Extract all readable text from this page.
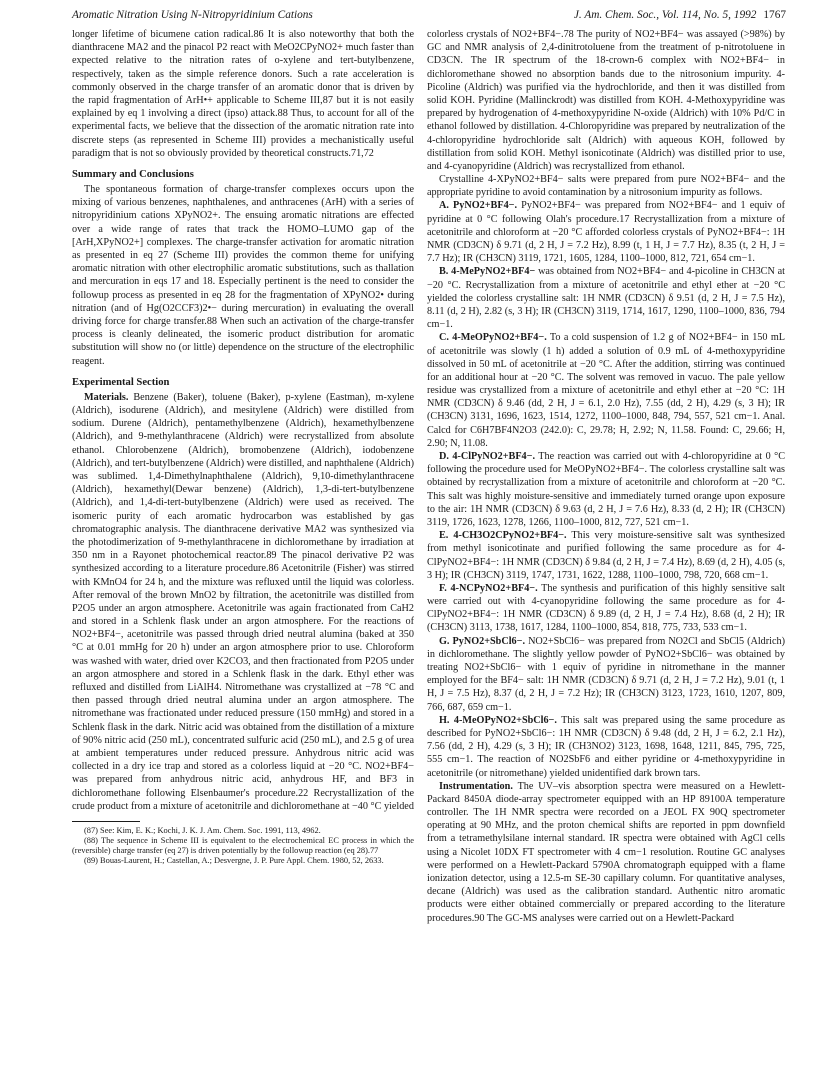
Aromatic Nitration Using N-Nitropyridinium Cations	J. Am. Chem. Soc., Vol. 114, No. 5, 1992 1767

longer lifetime of bicumene cation radical.86 It is also noteworthy that both the dianthracene MA2 and the pinacol P2 react with MeO2CPyNO2+ much faster than expected relative to the nitration rates of o-xylene and tert-butylbenzene, respectively, taken as the simple reference donors. Such a rate acceleration is commonly observed in the charge transfer of an aromatic donor that is driven by the rapid fragmentation of ArH•+ applicable to Scheme III,87 but it is not easily explained by eq 1 involving a direct (ipso) attack.88 Thus, to account for all of the experimental facts, we believe that the dissection of the aromatic nitration rate into discrete steps (as represented in Scheme III) provides a mechanistically useful paradigm that is not so obviously provided by theoretical constructs.71,72

Summary and Conclusions

The spontaneous formation of charge-transfer complexes occurs upon the mixing of various benzenes, naphthalenes, and anthracenes (ArH) with a series of nitropyridinium cations XPyNO2+. The ensuing aromatic nitrations are effected over a wide range of rates that track the HOMO–LUMO gap of the [ArH,XPyNO2+] complexes. The charge-transfer activation for aromatic nitration as presented in eq 27 (Scheme III) provides the common theme for unifying aromatic nitration with other electrophilic aromatic substitutions, such as thallation and mercuration in eqs 17 and 18. Especially pertinent is the need to consider the followup process as presented in eq 28 for the fragmentation of XPyNO2• during nitration (and of Hg(O2CCF3)2•− during mercuration) in evaluating the overall driving force for charge transfer.88 When such an activation of the charge-transfer process is cleanly delineated, the isomeric product distribution for aromatic substitution will show no (or little) dependence on the structure of the electrophilic reagent.

Experimental Section

Materials. Benzene (Baker), toluene (Baker), p-xylene (Eastman), m-xylene (Aldrich), isodurene (Aldrich), and mesitylene (Aldrich) were distilled from sodium. Durene (Aldrich), pentamethylbenzene (Aldrich), hexamethylbenzene (Aldrich), and 9-methylanthracene (Aldrich) were recrystallized from absolute ethanol. Chlorobenzene (Aldrich), bromobenzene (Aldrich), iodobenzene (Aldrich), and tert-butylbenzene (Aldrich) were distilled, and naphthalene (Aldrich) was sublimed. 1,4-Dimethylnaphthalene (Aldrich), 9,10-dimethylanthracene (Aldrich), hexamethyl(Dewar benzene) (Aldrich), 1,3-di-tert-butylbenzene (Aldrich), and 1,4-di-tert-butylbenzene (Aldrich) were used as received. The isomeric purity of each aromatic hydrocarbon was established by gas chromatographic analysis. The dianthracene derivative MA2 was synthesized via the photodimerization of 9-methylanthracene in dichloromethane by irradiation at 350 nm in a Rayonet photochemical reactor.89 The pinacol derivative P2 was synthesized according to a literature procedure.86 Acetonitrile (Fisher) was stirred with KMnO4 for 24 h, and the mixture was refluxed until the liquid was colorless. After removal of the brown MnO2 by filtration, the acetonitrile was distilled from P2O5 under an argon atmosphere. Acetonitrile was again fractionated from CaH2 and stored in a Schlenk flask under an argon atmosphere. For the reactions of NO2+BF4−, acetonitrile was passed through dried neutral alumina (baked at 350 °C at 0.01 mmHg for 20 h) under an argon atmosphere prior to use. Chloroform was washed with water, dried over K2CO3, and then fractionated from P2O5 under an argon atmosphere and stored in a Schlenk flask in the dark. Ethyl ether was refluxed and distilled from LiAlH4. Nitromethane was crystallized at −78 °C and then passed through dried neutral alumina under an argon atmosphere. The nitromethane was fractionated under reduced pressure (150 mmHg) and stored in a Schlenk flask in the dark. Nitric acid was obtained from the distillation of a mixture of 90% nitric acid (250 mL), concentrated sulfuric acid (250 mL), and 2.5 g of urea at ambient temperatures under reduced pressure. Anhydrous nitric acid was collected in a dry ice trap and stored as a colorless liquid at −20 °C. NO2+BF4− was prepared from anhydrous nitric acid, anhydrous HF, and BF3 in dichloromethane following Elsenbaumer's procedure.22 Recrystallization of the crude product from a mixture of acetonitrile and dichloromethane at −40 °C yielded

(87) See: Kim, E. K.; Kochi, J. K. J. Am. Chem. Soc. 1991, 113, 4962.

(88) The sequence in Scheme III is equivalent to the electrochemical EC process in which the (reversible) charge transfer (eq 27) is driven potentially by the followup reaction (eq 28).77

(89) Bouas-Laurent, H.; Castellan, A.; Desvergne, J. P. Pure Appl. Chem. 1980, 52, 2633.

colorless crystals of NO2+BF4−.78 The purity of NO2+BF4− was assayed (>98%) by GC and NMR analysis of 2,4-dinitrotoluene from the treatment of p-nitrotoluene in CD3CN. The IR spectrum of the 18-crown-6 complex with NO2+BF4− in dichloromethane showed no absorption bands due to the nitrosonium impurity. 4-Picoline (Aldrich) was purified via the hydrochloride, and then it was distilled from solid KOH. Pyridine (Mallinckrodt) was distilled from KOH. 4-Methoxypyridine was prepared by hydrogenation of 4-methoxypyridine N-oxide (Aldrich) with 10% Pd/C in ethanol followed by distillation. 4-Chloropyridine was prepared by neutralization of the 4-chloropyridine hydrochloride salt (Aldrich) with aqueous KOH, followed by distillation from solid KOH. Methyl isonicotinate (Aldrich) was distilled prior to use, and 4-cyanopyridine (Aldrich) was recrystallized from ethanol.

Crystalline 4-XPyNO2+BF4− salts were prepared from pure NO2+BF4− and the appropriate pyridine to avoid contamination by a nitrosonium impurity as follows.

A. PyNO2+BF4−. PyNO2+BF4− was prepared from NO2+BF4− and 1 equiv of pyridine at 0 °C following Olah's procedure.17 Recrystallization from a mixture of acetonitrile and chloroform at −20 °C afforded colorless crystals of PyNO2+BF4−: 1H NMR (CD3CN) δ 9.71 (d, 2 H, J = 7.2 Hz), 8.99 (t, 1 H, J = 7.7 Hz), 8.35 (t, 2 H, J = 7.7 Hz); IR (CH3CN) 3119, 1721, 1605, 1284, 1100–1000, 812, 721, 654 cm−1.

B. 4-MePyNO2+BF4− was obtained from NO2+BF4− and 4-picoline in CH3CN at −20 °C. Recrystallization from a mixture of acetonitrile and ethyl ether at −20 °C yielded the colorless crystalline salt: 1H NMR (CD3CN) δ 9.51 (d, 2 H, J = 7.5 Hz), 8.11 (d, 2 H), 2.82 (s, 3 H); IR (CH3CN) 3119, 1714, 1617, 1290, 1100–1000, 836, 794 cm−1.

C. 4-MeOPyNO2+BF4−. To a cold suspension of 1.2 g of NO2+BF4− in 150 mL of acetonitrile was slowly (1 h) added a solution of 0.9 mL of 4-methoxypyridine dissolved in 50 mL of acetonitrile at −20 °C. After the addition, stirring was continued for an additional hour at −20 °C. The solvent was removed in vacuo. The pale yellow residue was crystallized from a mixture of acetonitrile and ethyl ether at −20 °C: 1H NMR (CD3CN) δ 9.46 (dd, 2 H, J = 6.1, 2.0 Hz), 7.55 (dd, 2 H), 4.29 (s, 3 H); IR (CH3CN) 3131, 1696, 1623, 1514, 1272, 1100–1000, 848, 794, 557, 521 cm−1. Anal. Calcd for C6H7BF4N2O3 (242.0): C, 29.78; H, 2.92; N, 11.58. Found: C, 29.66; H, 2.90; N, 11.08.

D. 4-ClPyNO2+BF4−. The reaction was carried out with 4-chloropyridine at 0 °C following the procedure used for MeOPyNO2+BF4−. The colorless crystalline salt was obtained by recrystallization from a mixture of acetonitrile and chloroform at −20 °C. This salt was highly moisture-sensitive and immediately turned orange upon exposure to the air: 1H NMR (CD3CN) δ 9.63 (d, 2 H, J = 7.6 Hz), 8.33 (d, 2 H); IR (CH3CN) 3119, 1726, 1623, 1278, 1266, 1100–1000, 812, 727, 521 cm−1.

E. 4-CH3O2CPyNO2+BF4−. This very moisture-sensitive salt was synthesized from methyl isonicotinate and purified following the same procedure as for 4-ClPyNO2+BF4−: 1H NMR (CD3CN) δ 9.84 (d, 2 H, J = 7.4 Hz), 8.69 (d, 2 H), 4.05 (s, 3 H); IR (CH3CN) 3119, 1747, 1731, 1622, 1288, 1100–1000, 798, 720, 668 cm−1.

F. 4-NCPyNO2+BF4−. The synthesis and purification of this highly sensitive salt were carried out with 4-cyanopyridine following the same procedure as for 4-ClPyNO2+BF4−: 1H NMR (CD3CN) δ 9.89 (d, 2 H, J = 7.4 Hz), 8.68 (d, 2 H); IR (CH3CN) 3113, 1738, 1617, 1284, 1100–1000, 854, 818, 775, 733, 533 cm−1.

G. PyNO2+SbCl6−. NO2+SbCl6− was prepared from NO2Cl and SbCl5 (Aldrich) in dichloromethane. The slightly yellow powder of PyNO2+SbCl6− was obtained by treating NO2+SbCl6− with 1 equiv of pyridine in nitromethane in the manner employed for the BF4− salt: 1H NMR (CD3CN) δ 9.71 (d, 2 H, J = 7.2 Hz), 9.01 (t, 1 H, J = 7.5 Hz), 8.37 (d, 2 H, J = 7.2 Hz); IR (CH3CN) 3123, 1723, 1610, 1207, 809, 766, 687, 659 cm−1.

H. 4-MeOPyNO2+SbCl6−. This salt was prepared using the same procedure as described for PyNO2+SbCl6−: 1H NMR (CD3CN) δ 9.48 (dd, 2 H, J = 6.2, 2.1 Hz), 7.56 (dd, 2 H), 4.29 (s, 3 H); IR (CH3NO2) 3123, 1698, 1648, 1211, 845, 795, 725, 555 cm−1. The reaction of NO2SbF6 and either pyridine or 4-methoxypyridine in acetonitrile (or nitromethane) yielded unidentified dark brown tars.

Instrumentation. The UV–vis absorption spectra were measured on a Hewlett-Packard 8450A diode-array spectrometer equipped with an HP 89100A temperature controller. The 1H NMR spectra were recorded on a JEOL FX 90Q spectrometer operating at 90 MHz, and the proton chemical shifts are reported in ppm downfield from a tetramethylsilane internal standard. IR spectra were obtained with AgCl cells using a Nicolet 10DX FT spectrometer with 4 cm−1 resolution. Routine GC analyses were performed on a Hewlett-Packard 5790A chromatograph equipped with a flame ionization detector, using a 12.5-m SE-30 capillary column. For quantitative analyses, decane (Aldrich) was used as the calibration standard. Authentic nitro aromatic products were either obtained commercially or prepared according to the literature procedures.90 The GC-MS analyses were carried out on a Hewlett-Packard
